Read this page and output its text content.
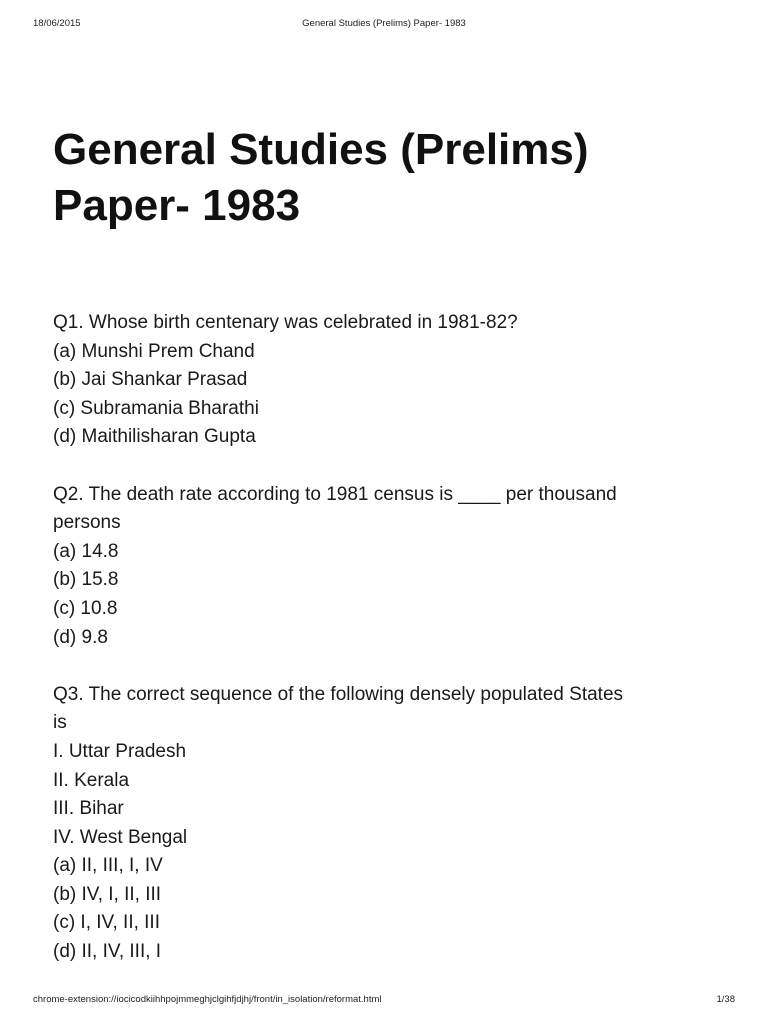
18/06/2015	General Studies (Prelims) Paper- 1983
General Studies (Prelims)
Paper- 1983
Q1. Whose birth centenary was celebrated in 1981-82?
(a) Munshi Prem Chand
(b) Jai Shankar Prasad
(c) Subramania Bharathi
(d) Maithilisharan Gupta
Q2. The death rate according to 1981 census is ____ per thousand
persons
(a) 14.8
(b) 15.8
(c) 10.8
(d) 9.8
Q3. The correct sequence of the following densely populated States
is
I. Uttar Pradesh
II. Kerala
III. Bihar
IV. West Bengal
(a) II, III, I, IV
(b) IV, I, II, III
(c) I, IV, II, III
(d) II, IV, III, I
chrome-extension://iocicodkiihhpojmmeghjclgihfjdjhj/front/in_isolation/reformat.html	1/38
